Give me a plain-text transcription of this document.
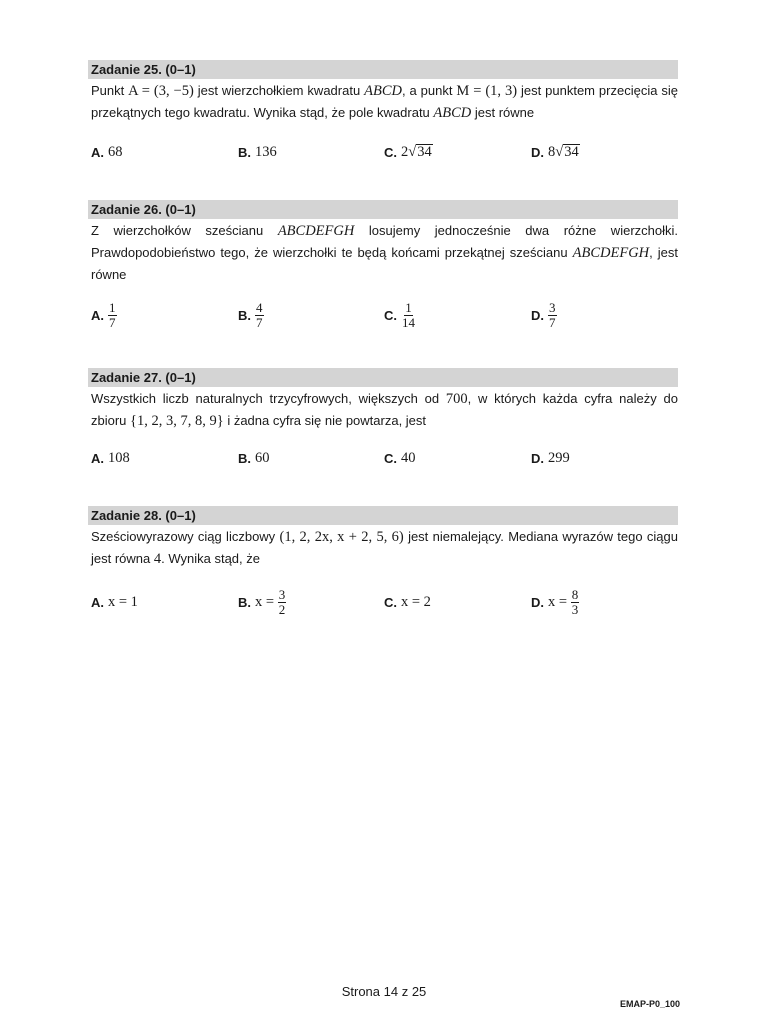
Zadanie 25. (0–1)
Punkt A = (3, −5) jest wierzchołkiem kwadratu ABCD, a punkt M = (1, 3) jest punktem przecięcia się przekątnych tego kwadratu. Wynika stąd, że pole kwadratu ABCD jest równe
A. 68	B. 136	C. 2 √ 34	D. 8 √ 34
Zadanie 26. (0–1)
Z wierzchołków sześcianu ABCDEFGH losujemy jednocześnie dwa różne wierzchołki. Prawdopodobieństwo tego, że wierzchołki te będą końcami przekątnej sześcianu ABCDEFGH, jest równe
A. $\frac{1}{7}$	B. $\frac{4}{7}$	C. $\frac{1}{14}$	D. $\frac{3}{7}$
Zadanie 27. (0–1)
Wszystkich liczb naturalnych trzycyfrowych, większych od 700, w których każda cyfra należy do zbioru {1, 2, 3, 7, 8, 9} i żadna cyfra się nie powtarza, jest
A. 108	B. 60	C. 40	D. 299
Zadanie 28. (0–1)
Sześciowyrazowy ciąg liczbowy (1, 2, 2x, x + 2, 5, 6) jest niemalejący. Mediana wyrazów tego ciągu jest równa 4. Wynika stąd, że
A. x = 1	B. $x = \frac{3}{2}$	C. x = 2	D. $x = \frac{8}{3}$
Strona 14 z 25
EMAP-P0_100
